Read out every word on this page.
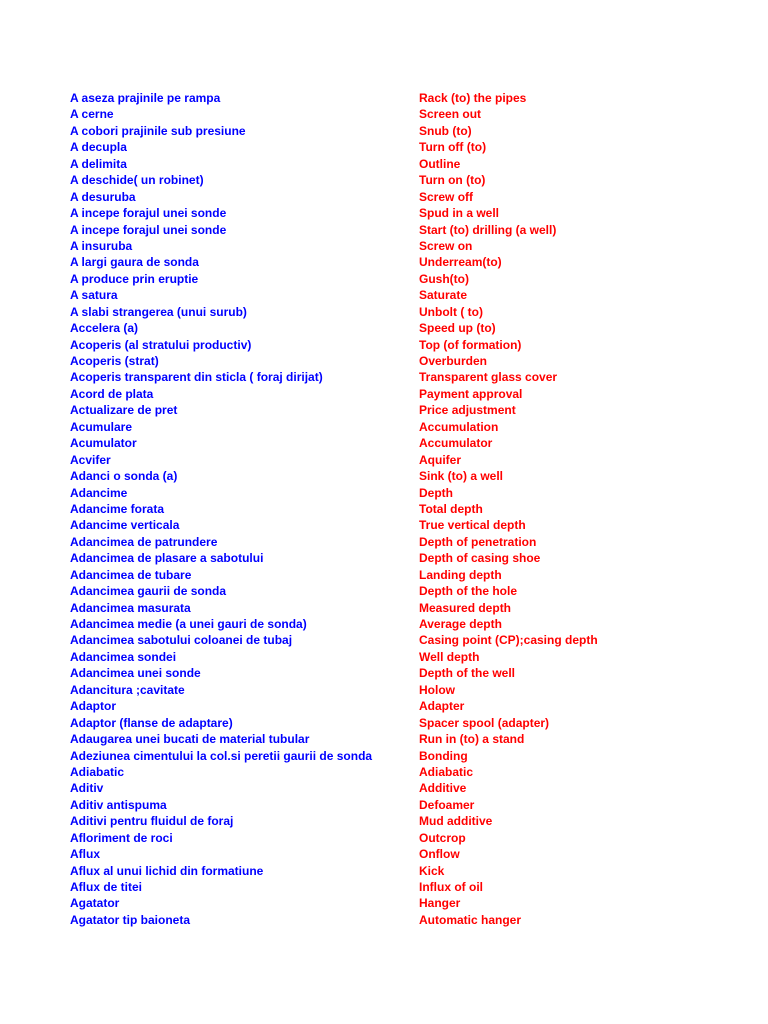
A aseza prajinile pe rampa	Rack (to) the pipes
A cerne	Screen out
A cobori prajinile sub presiune	Snub (to)
A decupla	Turn off (to)
A delimita	Outline
A deschide( un robinet)	Turn on (to)
A desuruba	Screw off
A incepe forajul unei sonde	Spud in a well
A incepe forajul unei sonde	Start (to) drilling (a well)
A insuruba	Screw on
A largi gaura de sonda	Underream(to)
A produce prin eruptie	Gush(to)
A satura	Saturate
A slabi strangerea (unui surub)	Unbolt ( to)
Accelera (a)	Speed up (to)
Acoperis (al stratului productiv)	Top (of formation)
Acoperis (strat)	Overburden
Acoperis transparent din sticla ( foraj dirijat)	Transparent glass cover
Acord de plata	Payment approval
Actualizare de pret	Price adjustment
Acumulare	Accumulation
Acumulator	Accumulator
Acvifer	Aquifer
Adanci o sonda (a)	Sink (to) a well
Adancime	Depth
Adancime forata	Total depth
Adancime verticala	True vertical depth
Adancimea de patrundere	Depth of penetration
Adancimea de plasare a sabotului	Depth of casing shoe
Adancimea de tubare	Landing depth
Adancimea gaurii de sonda	Depth of the hole
Adancimea masurata	Measured depth
Adancimea medie (a unei gauri de sonda)	Average depth
Adancimea sabotului coloanei de tubaj	Casing point (CP);casing depth
Adancimea sondei	Well depth
Adancimea unei sonde	Depth of the well
Adancitura ;cavitate	Holow
Adaptor	Adapter
Adaptor (flanse de adaptare)	Spacer spool (adapter)
Adaugarea unei bucati de material tubular	Run in (to) a stand
Adeziunea cimentului la col.si peretii gaurii de sonda	Bonding
Adiabatic	Adiabatic
Aditiv	Additive
Aditiv antispuma	Defoamer
Aditivi pentru fluidul de foraj	Mud additive
Afloriment de roci	Outcrop
Aflux	Onflow
Aflux al unui lichid din formatiune	Kick
Aflux de titei	Influx of oil
Agatator	Hanger
Agatator tip baioneta	Automatic hanger
